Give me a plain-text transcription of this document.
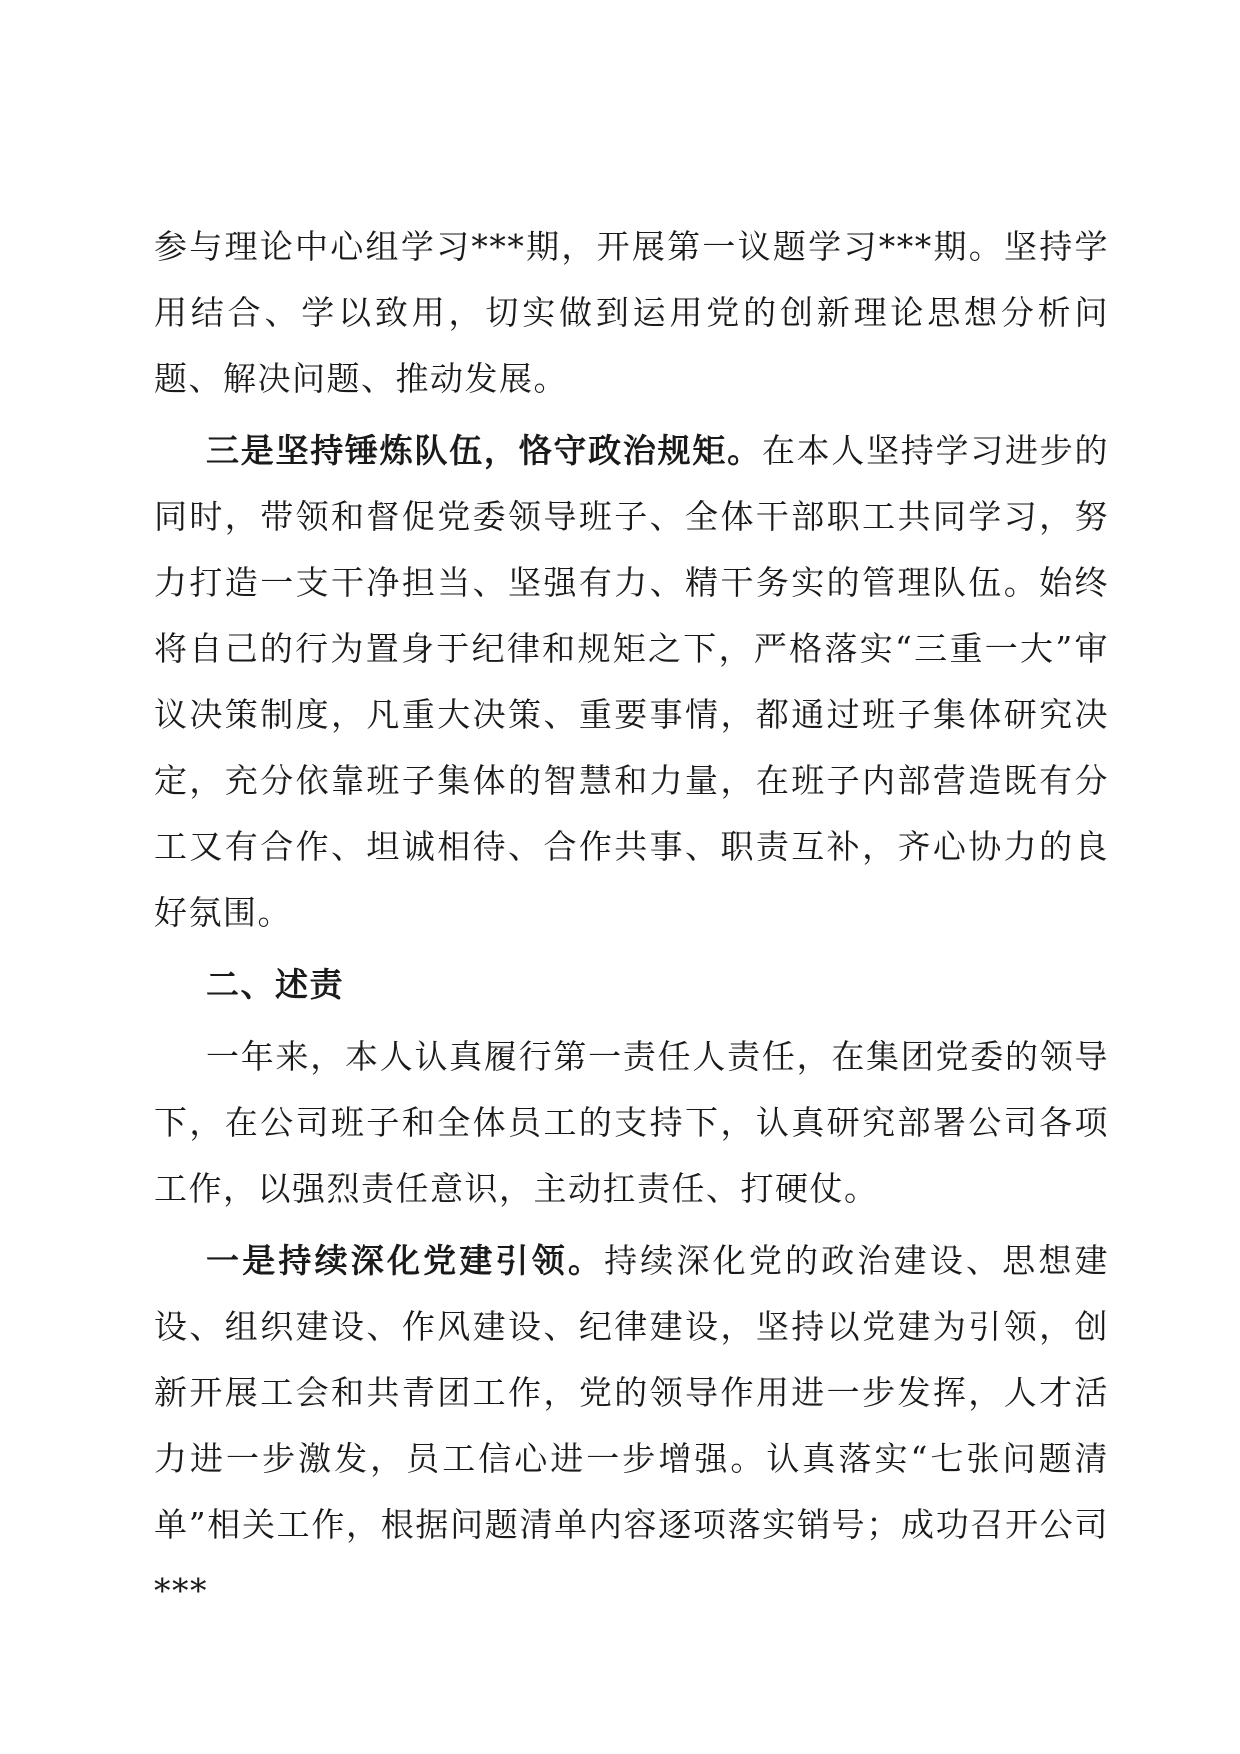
参与理论中心组学习***期，开展第一议题学习***期。坚持学用结合、学以致用，切实做到运用党的创新理论思想分析问题、解决问题、推动发展。

三是坚持锤炼队伍，恪守政治规矩。在本人坚持学习进步的同时，带领和督促党委领导班子、全体干部职工共同学习，努力打造一支干净担当、坚强有力、精干务实的管理队伍。始终将自己的行为置身于纪律和规矩之下，严格落实“三重一大”审议决策制度，凡重大决策、重要事情，都通过班子集体研究决定，充分依靠班子集体的智慧和力量，在班子内部营造既有分工又有合作、坦诚相待、合作共事、职责互补，齐心协力的良好氛围。

二、述责

一年来，本人认真履行第一责任人责任，在集团党委的领导下，在公司班子和全体员工的支持下，认真研究部署公司各项工作，以强烈责任意识，主动扛责任、打硬仗。

一是持续深化党建引领。持续深化党的政治建设、思想建设、组织建设、作风建设、纪律建设，坚持以党建为引领，创新开展工会和共青团工作，党的领导作用进一步发挥，人才活力进一步激发，员工信心进一步增强。认真落实“七张问题清单”相关工作，根据问题清单内容逐项落实销号；成功召开公司***
